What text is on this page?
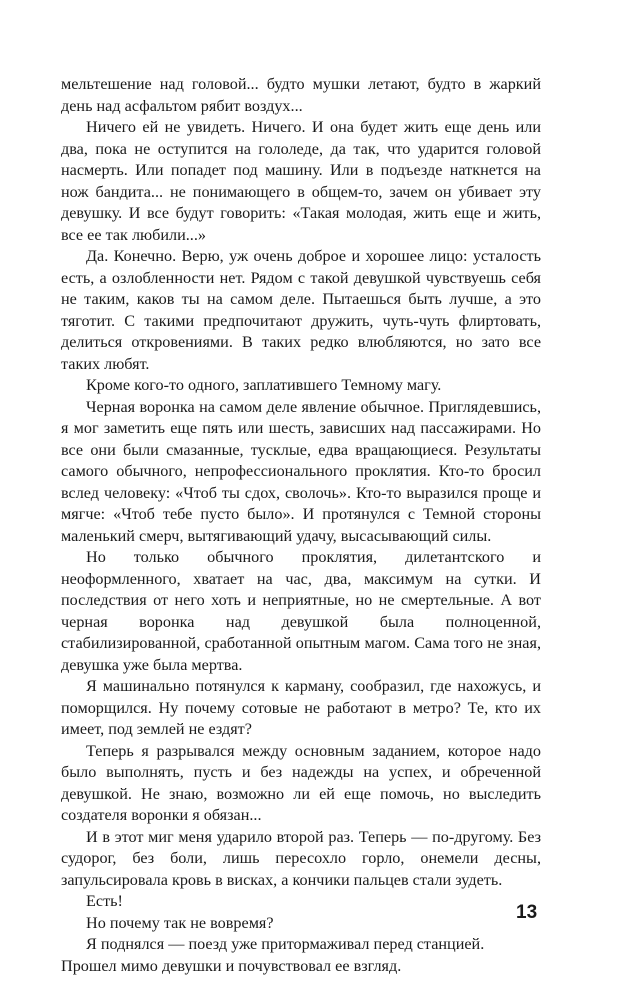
мельтешение над головой... будто мушки летают, будто в жаркий день над асфальтом рябит воздух...

Ничего ей не увидеть. Ничего. И она будет жить еще день или два, пока не оступится на гололеде, да так, что ударится головой насмерть. Или попадет под машину. Или в подъезде наткнется на нож бандита... не понимающего в общем-то, зачем он убивает эту девушку. И все будут говорить: «Такая молодая, жить еще и жить, все ее так любили...»

Да. Конечно. Верю, уж очень доброе и хорошее лицо: усталость есть, а озлобленности нет. Рядом с такой девушкой чувствуешь себя не таким, каков ты на самом деле. Пытаешься быть лучше, а это тяготит. С такими предпочитают дружить, чуть-чуть флиртовать, делиться откровениями. В таких редко влюбляются, но зато все таких любят.

Кроме кого-то одного, заплатившего Темному магу.

Черная воронка на самом деле явление обычное. Приглядевшись, я мог заметить еще пять или шесть, зависших над пассажирами. Но все они были смазанные, тусклые, едва вращающиеся. Результаты самого обычного, непрофессионального проклятия. Кто-то бросил вслед человеку: «Чтоб ты сдох, сволочь». Кто-то выразился проще и мягче: «Чтоб тебе пусто было». И протянулся с Темной стороны маленький смерч, вытягивающий удачу, высасывающий силы.

Но только обычного проклятия, дилетантского и неоформленного, хватает на час, два, максимум на сутки. И последствия от него хоть и неприятные, но не смертельные. А вот черная воронка над девушкой была полноценной, стабилизированной, сработанной опытным магом. Сама того не зная, девушка уже была мертва.

Я машинально потянулся к карману, сообразил, где нахожусь, и поморщился. Ну почему сотовые не работают в метро? Те, кто их имеет, под землей не ездят?

Теперь я разрывался между основным заданием, которое надо было выполнять, пусть и без надежды на успех, и обреченной девушкой. Не знаю, возможно ли ей еще помочь, но выследить создателя воронки я обязан...

И в этот миг меня ударило второй раз. Теперь — по-другому. Без судорог, без боли, лишь пересохло горло, онемели десны, запульсировала кровь в висках, а кончики пальцев стали зудеть.

Есть!

Но почему так не вовремя?

Я поднялся — поезд уже притормаживал перед станцией. Прошел мимо девушки и почувствовал ее взгляд.

13
